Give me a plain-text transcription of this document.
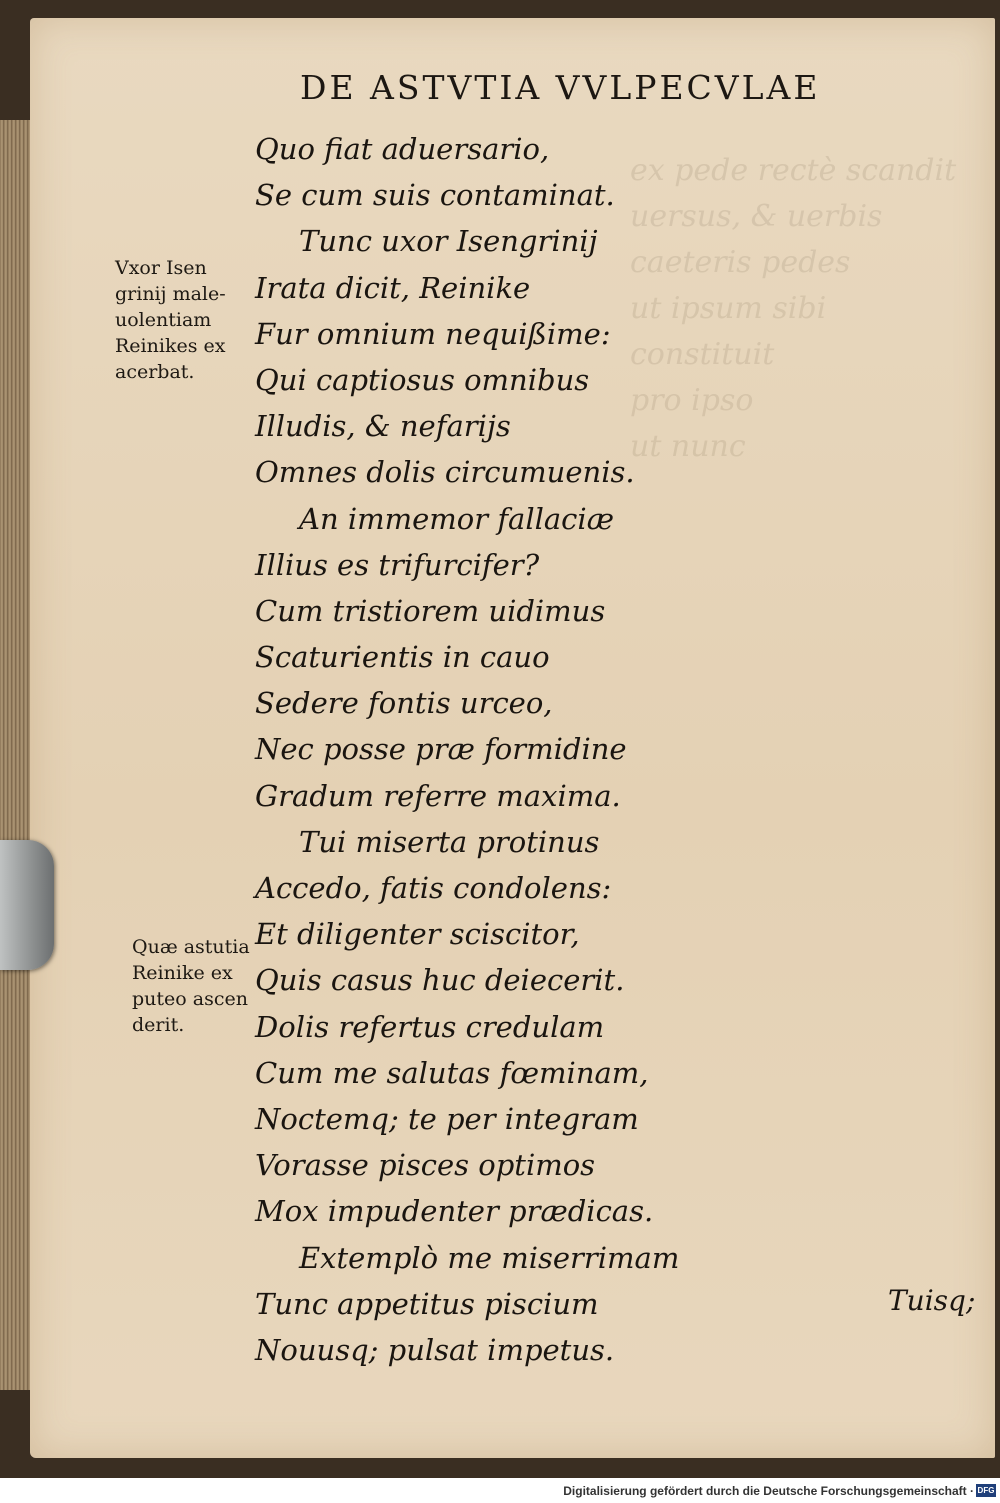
ex pede rectè scandit
uersus, & uerbis
caeteris pedes
ut ipsum sibi
constituit
pro ipso
ut nunc
DE ASTVTIA VVLPECVLAE
Quo fiat aduersario,
Se cum suis contaminat.
Tunc uxor Isengrinij
Irata dicit, Reinike
Fur omnium nequißime:
Qui captiosus omnibus
Illudis, & nefarijs
Omnes dolis circumuenis.
An immemor fallaciæ
Illius es trifurcifer?
Cum tristiorem uidimus
Scaturientis in cauo
Sedere fontis urceo,
Nec posse præ formidine
Gradum referre maxima.
Tui miserta protinus
Accedo, fatis condolens:
Et diligenter sciscitor,
Quis casus huc deiecerit.
Dolis refertus credulam
Cum me salutas fœminam,
Noctemq; te per integram
Vorasse pisces optimos
Mox impudenter prædicas.
Extemplò me miserrimam
Tunc appetitus piscium
Nouusq; pulsat impetus.
Vxor Isen
grinij male-
uolentiam
Reinikes ex
acerbat.
Quæ astutia
Reinike ex
puteo ascen
derit.
Tuisq;
Digitalisierung gefördert durch die Deutsche Forschungsgemeinschaft · DFG
